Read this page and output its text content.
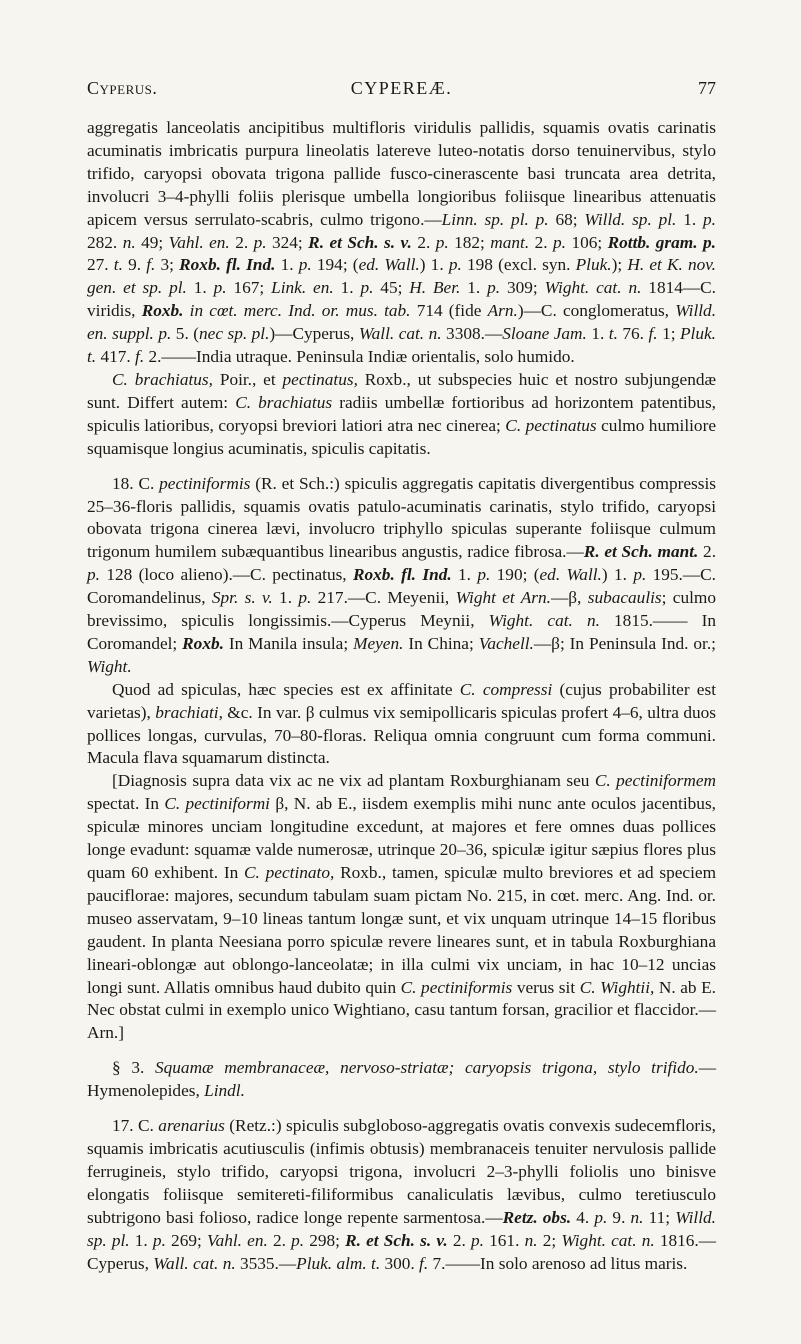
Cyperus.	CYPEREÆ.	77

aggregatis lanceolatis ancipitibus multifloris viridulis pallidis, squamis ovatis carinatis acuminatis imbricatis purpura lineolatis latereve luteo-notatis dorso tenuinervibus, stylo trifido, caryopsi obovata trigona pallide fusco-cinerascente basi truncata area detrita, involucri 3–4-phylli foliis plerisque umbella longioribus foliisque linearibus attenuatis apicem versus serrulato-scabris, culmo trigono.—Linn. sp. pl. p. 68; Willd. sp. pl. 1. p. 282. n. 49; Vahl. en. 2. p. 324; R. et Sch. s. v. 2. p. 182; mant. 2. p. 106; Rottb. gram. p. 27. t. 9. f. 3; Roxb. fl. Ind. 1. p. 194; (ed. Wall.) 1. p. 198 (excl. syn. Pluk.); H. et K. nov. gen. et sp. pl. 1. p. 167; Link. en. 1. p. 45; H. Ber. 1. p. 309; Wight. cat. n. 1814—C. viridis, Roxb. in cœt. merc. Ind. or. mus. tab. 714 (fide Arn.)—C. conglomeratus, Willd. en. suppl. p. 5. (nec sp. pl.)—Cyperus, Wall. cat. n. 3308.—Sloane Jam. 1. t. 76. f. 1; Pluk. t. 417. f. 2.——India utraque. Peninsula Indiæ orientalis, solo humido.

C. brachiatus, Poir., et pectinatus, Roxb., ut subspecies huic et nostro subjungendæ sunt. Differt autem: C. brachiatus radiis umbellæ fortioribus ad horizontem patentibus, spiculis latioribus, coryopsi breviori latiori atra nec cinerea; C. pectinatus culmo humiliore squamisque longius acuminatis, spiculis capitatis.

18. C. pectiniformis (R. et Sch.:) spiculis aggregatis capitatis divergentibus compressis 25–36-floris pallidis, squamis ovatis patulo-acuminatis carinatis, stylo trifido, caryopsi obovata trigona cinerea lævi, involucro triphyllo spiculas superante foliisque culmum trigonum humilem subæquantibus linearibus angustis, radice fibrosa.—R. et Sch. mant. 2. p. 128 (loco alieno).—C. pectinatus, Roxb. fl. Ind. 1. p. 190; (ed. Wall.) 1. p. 195.—C. Coromandelinus, Spr. s. v. 1. p. 217.—C. Meyenii, Wight et Arn.—β, subacaulis; culmo brevissimo, spiculis longissimis.—Cyperus Meynii, Wight. cat. n. 1815.—— In Coromandel; Roxb. In Manila insula; Meyen. In China; Vachell.—β; In Peninsula Ind. or.; Wight.

Quod ad spiculas, hæc species est ex affinitate C. compressi (cujus probabiliter est varietas), brachiati, &c. In var. β culmus vix semipollicaris spiculas profert 4–6, ultra duos pollices longas, curvulas, 70–80-floras. Reliqua omnia congruunt cum forma communi. Macula flava squamarum distincta.

[Diagnosis supra data vix ac ne vix ad plantam Roxburghianam seu C. pectiniformem spectat. In C. pectiniformi β, N. ab E., iisdem exemplis mihi nunc ante oculos jacentibus, spiculæ minores unciam longitudine excedunt, at majores et fere omnes duas pollices longe evadunt: squamæ valde numerosæ, utrinque 20–36, spiculæ igitur sæpius flores plus quam 60 exhibent. In C. pectinato, Roxb., tamen, spiculæ multo breviores et ad speciem pauciflorae: majores, secundum tabulam suam pictam No. 215, in cœt. merc. Ang. Ind. or. museo asservatam, 9–10 lineas tantum longæ sunt, et vix unquam utrinque 14–15 floribus gaudent. In planta Neesiana porro spiculæ revere lineares sunt, et in tabula Roxburghiana lineari-oblongæ aut oblongo-lanceolatæ; in illa culmi vix unciam, in hac 10–12 uncias longi sunt. Allatis omnibus haud dubito quin C. pectiniformis verus sit C. Wightii, N. ab E. Nec obstat culmi in exemplo unico Wightiano, casu tantum forsan, gracilior et flaccidor.—Arn.]

§ 3. Squamæ membranaceæ, nervoso-striatæ; caryopsis trigona, stylo trifido.— Hymenolepides, Lindl.

17. C. arenarius (Retz.:) spiculis subgloboso-aggregatis ovatis convexis sudecemfloris, squamis imbricatis acutiusculis (infimis obtusis) membranaceis tenuiter nervulosis pallide ferrugineis, stylo trifido, caryopsi trigona, involucri 2–3-phylli foliolis uno binisve elongatis foliisque semitereti-filiformibus canaliculatis lævibus, culmo teretiusculo subtrigono basi folioso, radice longe repente sarmentosa.—Retz. obs. 4. p. 9. n. 11; Willd. sp. pl. 1. p. 269; Vahl. en. 2. p. 298; R. et Sch. s. v. 2. p. 161. n. 2; Wight. cat. n. 1816.— Cyperus, Wall. cat. n. 3535.—Pluk. alm. t. 300. f. 7.——In solo arenoso ad litus maris.
